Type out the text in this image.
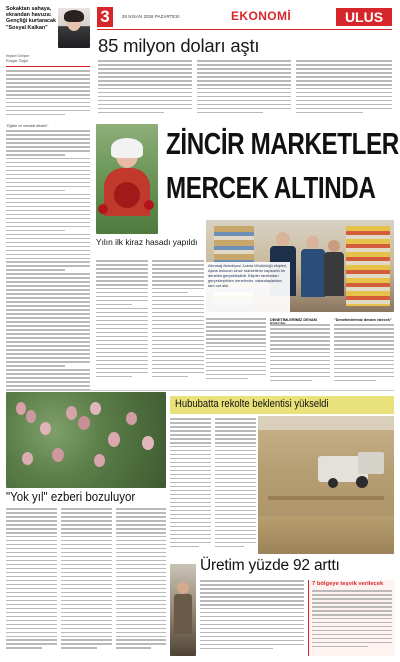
3	28 NİSAN 2026 PAZARTESİ	EKONOMİ	ULUS
Sokaktan sahaya, ekrandan havuza: Gençliği kurtaracak "Sosyal Kalkan"
Kişisel Gelişim
Rüzgar Özgür
"Eğitim ve mesleki destek"
85 milyon doları aştı
ZİNCİR MARKETLER
MERCEK ALTINDA
Yılın ilk kiraz hasadı yapıldı
Altındağ Belediyesi Zabıta Müdürlüğü ekipleri, Ajans bulunan zincir marketlerin kapsamlı bir denetim gerçekleştirdi. Ekipler tarafından gerçekleştirilen denetimler, vatandaşlardan tam not aldı.
DENETİMLERİMİZ DEVAM	"Denetimlerimiz devam edecek"
Hububatta rekolte beklentisi yükseldi
"Yok yıl" ezberi bozuluyor
Üretim yüzde 92 arttı
7 bölgeye teşvik verilecek
